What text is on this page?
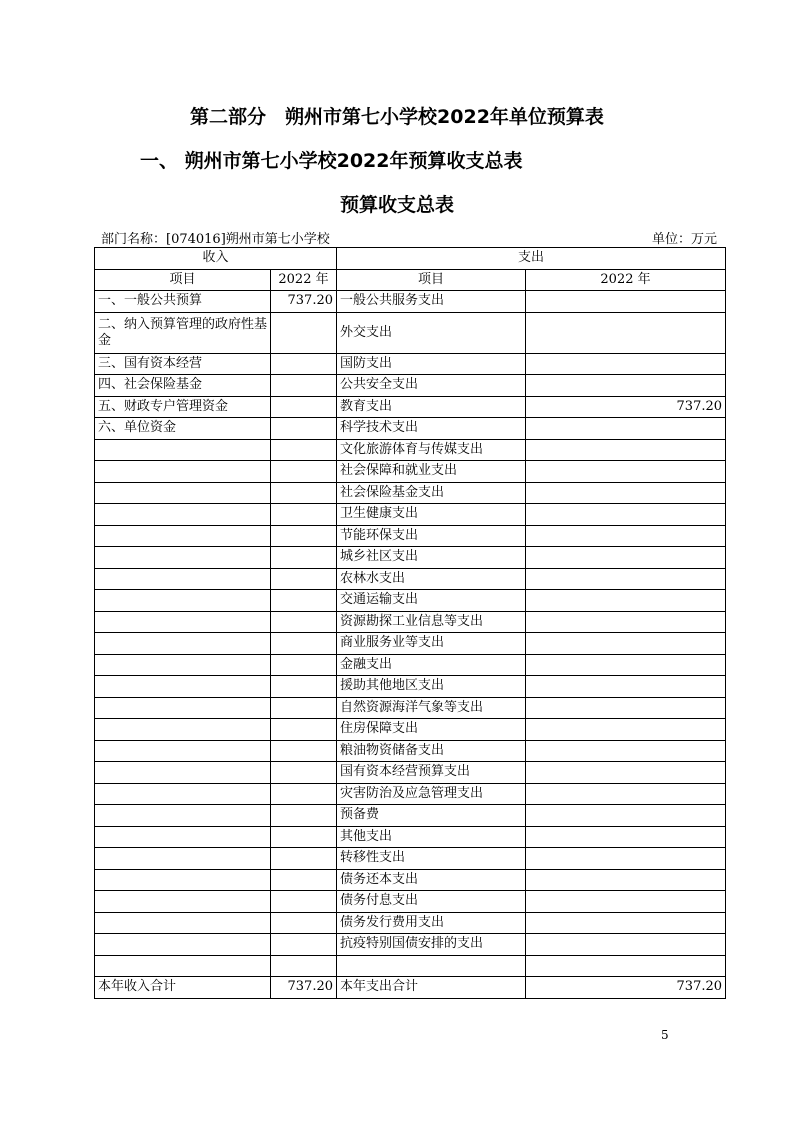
第二部分　朔州市第七小学校2022年单位预算表
一、 朔州市第七小学校2022年预算收支总表
预算收支总表
部门名称：[074016]朔州市第七小学校	单位：万元
收入		支出	
项目	2022 年	项目	2022 年
一、一般公共预算	737.20	一般公共服务支出	
二、纳入预算管理的政府性基金		外交支出	
三、国有资本经营		国防支出	
四、社会保险基金		公共安全支出	
五、财政专户管理资金		教育支出	737.20
六、单位资金		科学技术支出	
		文化旅游体育与传媒支出	
		社会保障和就业支出	
		社会保险基金支出	
		卫生健康支出	
		节能环保支出	
		城乡社区支出	
		农林水支出	
		交通运输支出	
		资源勘探工业信息等支出	
		商业服务业等支出	
		金融支出	
		援助其他地区支出	
		自然资源海洋气象等支出	
		住房保障支出	
		粮油物资储备支出	
		国有资本经营预算支出	
		灾害防治及应急管理支出	
		预备费	
		其他支出	
		转移性支出	
		债务还本支出	
		债务付息支出	
		债务发行费用支出	
		抗疫特别国债安排的支出	

本年收入合计	737.20	本年支出合计	737.20
5
